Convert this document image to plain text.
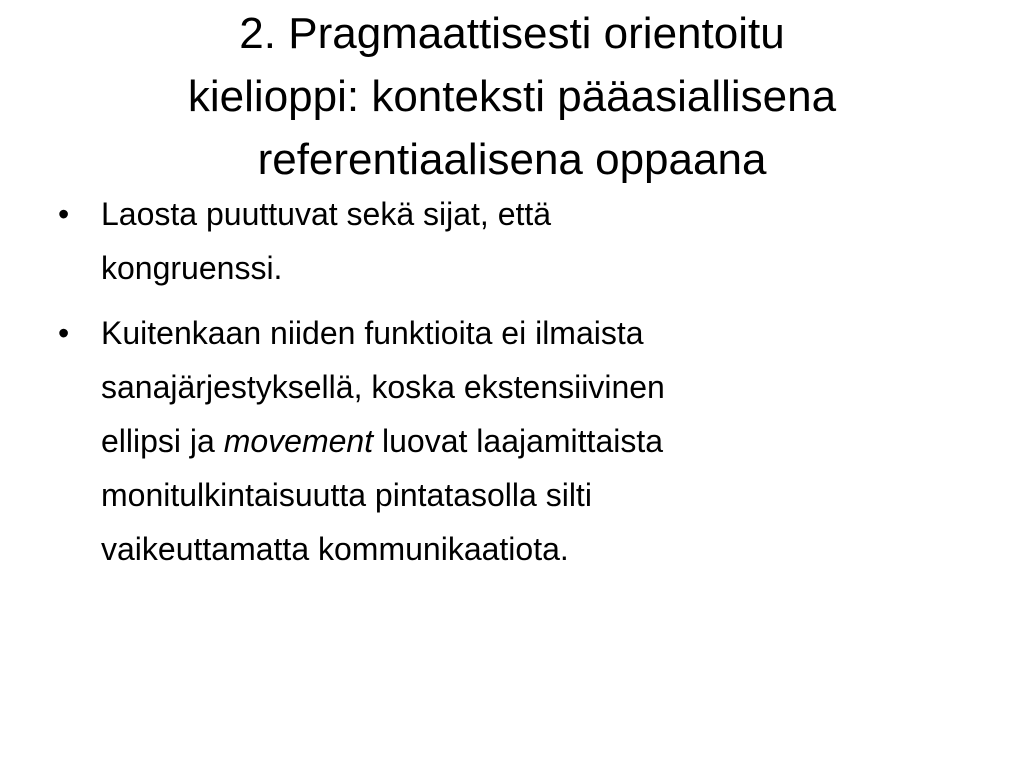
2. Pragmaattisesti orientoitu
kielioppi: konteksti pääasiallisena
referentiaalisena oppaana
• Laosta puuttuvat sekä sijat, että
kongruenssi.
• Kuitenkaan niiden funktioita ei ilmaista
sanajärjestyksellä, koska ekstensiivinen
ellipsi ja movement luovat laajamittaista
monitulkintaisuutta pintatasolla silti
vaikeuttamatta kommunikaatiota.
